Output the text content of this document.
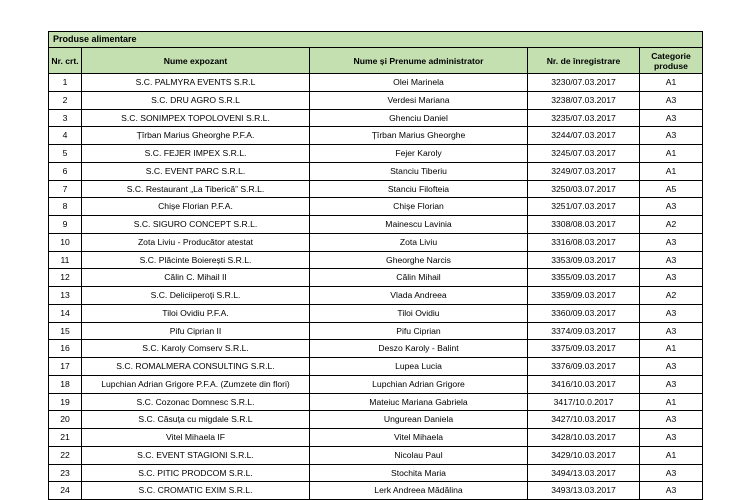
Produse alimentare				
Nr. crt.	Nume expozant	Nume și Prenume administrator	Nr. de înregistrare	Categorie produse
1	S.C. PALMYRA EVENTS S.R.L	Olei Marinela	3230/07.03.2017	A1
2	S.C. DRU AGRO S.R.L	Verdesi Mariana	3238/07.03.2017	A3
3	S.C. SONIMPEX TOPOLOVENI S.R.L.	Ghenciu Daniel	3235/07.03.2017	A3
4	Țîrban Marius Gheorghe P.F.A.	Țîrban Marius Gheorghe	3244/07.03.2017	A3
5	S.C. FEJER IMPEX S.R.L.	Fejer Karoly	3245/07.03.2017	A1
6	S.C. EVENT PARC S.R.L.	Stanciu Tiberiu	3249/07.03.2017	A1
7	S.C. Restaurant „La Tiberică” S.R.L.	Stanciu Filofteia	3250/03.07.2017	A5
8	Chișe Florian P.F.A.	Chișe Florian	3251/07.03.2017	A3
9	S.C. SIGURO CONCEPT S.R.L.	Mainescu Lavinia	3308/08.03.2017	A2
10	Zota Liviu - Producător atestat	Zota Liviu	3316/08.03.2017	A3
11	S.C. Plăcinte Boierești S.R.L.	Gheorghe Narcis	3353/09.03.2017	A3
12	Călin C. Mihail II	Călin Mihail	3355/09.03.2017	A3
13	S.C. Deliciiperoți S.R.L.	Vlada Andreea	3359/09.03.2017	A2
14	Tiloi Ovidiu P.F.A.	Tiloi Ovidiu	3360/09.03.2017	A3
15	Pifu Ciprian II	Pifu Ciprian	3374/09.03.2017	A3
16	S.C. Karoly Comserv S.R.L.	Deszo Karoly - Balint	3375/09.03.2017	A1
17	S.C. ROMALMERA CONSULTING S.R.L.	Lupea Lucia	3376/09.03.2017	A3
18	Lupchian Adrian Grigore P.F.A. (Zumzete din flori)	Lupchian Adrian Grigore	3416/10.03.2017	A3
19	S.C. Cozonac Domnesc S.R.L.	Mateiuc Mariana Gabriela	3417/10.0.2017	A1
20	S.C. Căsuța cu migdale S.R.L	Ungurean Daniela	3427/10.03.2017	A3
21	Vitel Mihaela IF	Vitel Mihaela	3428/10.03.2017	A3
22	S.C. EVENT STAGIONI S.R.L.	Nicolau Paul	3429/10.03.2017	A1
23	S.C. PITIC PRODCOM S.R.L.	Stochita Maria	3494/13.03.2017	A3
24	S.C. CROMATIC EXIM S.R.L.	Lerk Andreea Mădălina	3493/13.03.2017	A3
